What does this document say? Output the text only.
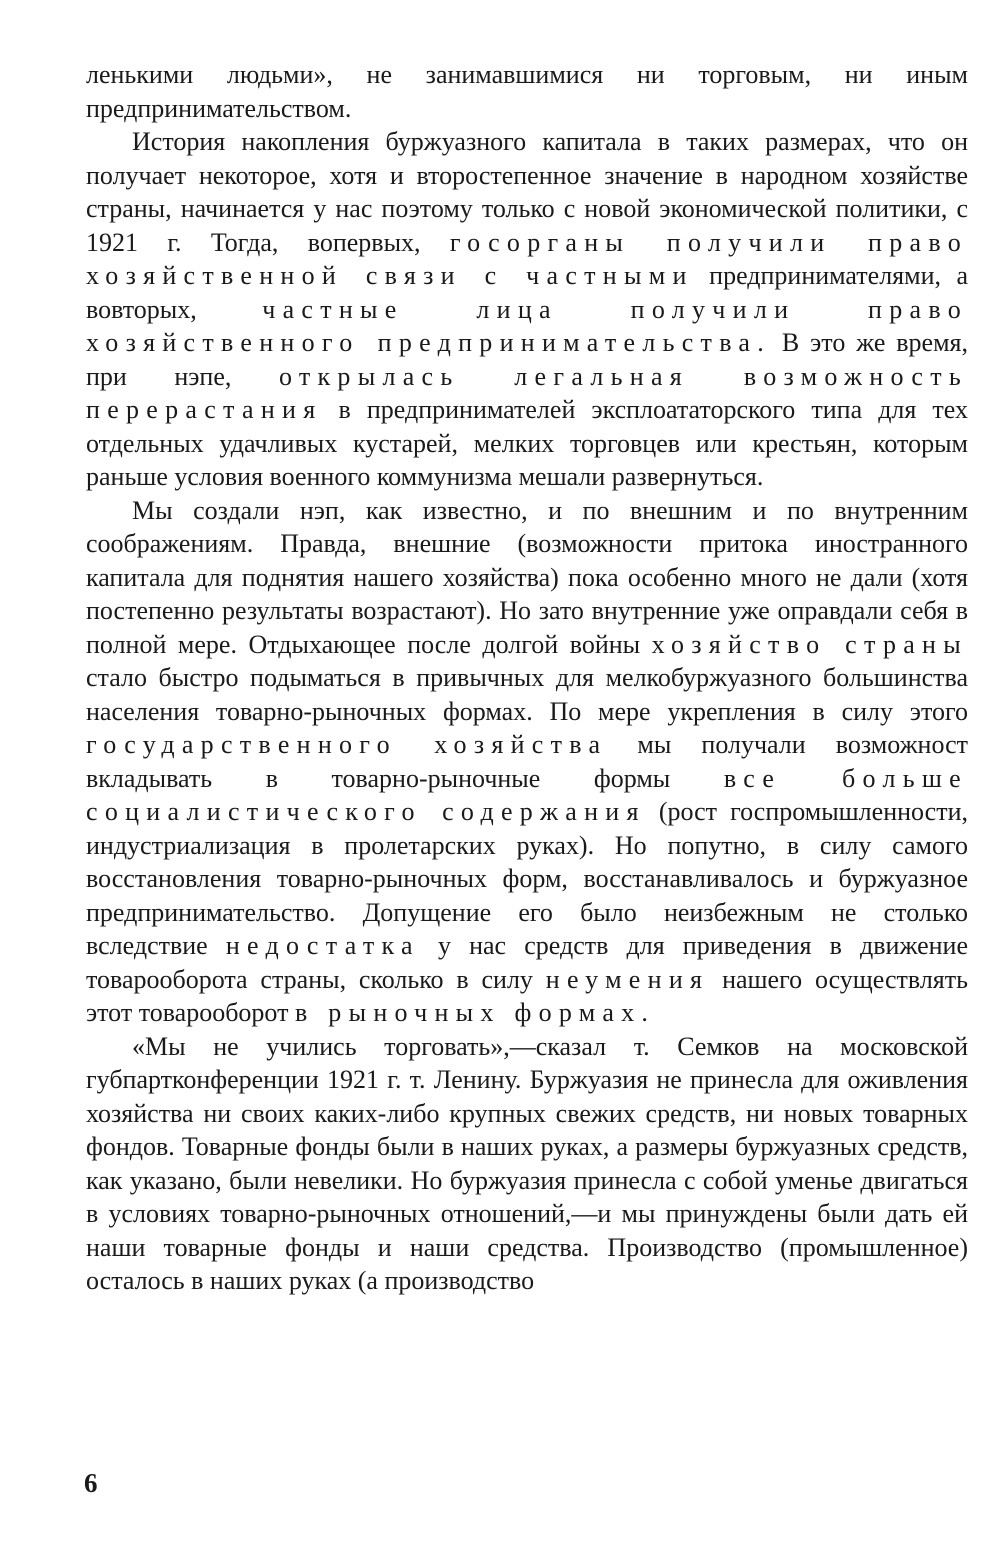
ленькими людьми», не занимавшимися ни торговым, ни иным предпринимательством.

История накопления буржуазного капитала в таких размерах, что он получает некоторое, хотя и второстепенное значение в народном хозяйстве страны, начинается у нас поэтому только с новой экономической политики, с 1921 г. Тогда, вопервых, госорганы получили право хозяйственной связи с частными предпринимателями, а вовторых, частные лица получили право хозяйственного предпринимательства. В это же время, при нэпе, открылась легальная возможность перерастания в предпринимателей эксплоататорского типа для тех отдельных удачливых кустарей, мелких торговцев или крестьян, которым раньше условия военного коммунизма мешали развернуться.

Мы создали нэп, как известно, и по внешним и по внутренним соображениям. Правда, внешние (возможности притока иностранного капитала для поднятия нашего хозяйства) пока особенно много не дали (хотя постепенно результаты возрастают). Но зато внутренние уже оправдали себя в полной мере. Отдыхающее после долгой войны хозяйство страны стало быстро подыматься в привычных для мелкобуржуазного большинства населения товарно-рыночных формах. По мере укрепления в силу этого государственного хозяйства мы получали возможност вкладывать в товарно-рыночные формы все больше социалистического содержания (рост госпромышленности, индустриализация в пролетарских руках). Но попутно, в силу самого восстановления товарно-рыночных форм, восстанавливалось и буржуазное предпринимательство. Допущение его было неизбежным не столько вследствие недостатка у нас средств для приведения в движение товарооборота страны, сколько в силу неумения нашего осуществлять этот товарооборот в рыночных формах.

«Мы не учились торговать»,—сказал т. Семков на московской губпартконференции 1921 г. т. Ленину. Буржуазия не принесла для оживления хозяйства ни своих каких-либо крупных свежих средств, ни новых товарных фондов. Товарные фонды были в наших руках, а размеры буржуазных средств, как указано, были невелики. Но буржуазия принесла с собой уменье двигаться в условиях товарно-рыночных отношений,—и мы принуждены были дать ей наши товарные фонды и наши средства. Производство (промышленное) осталось в наших руках (а производство

6
